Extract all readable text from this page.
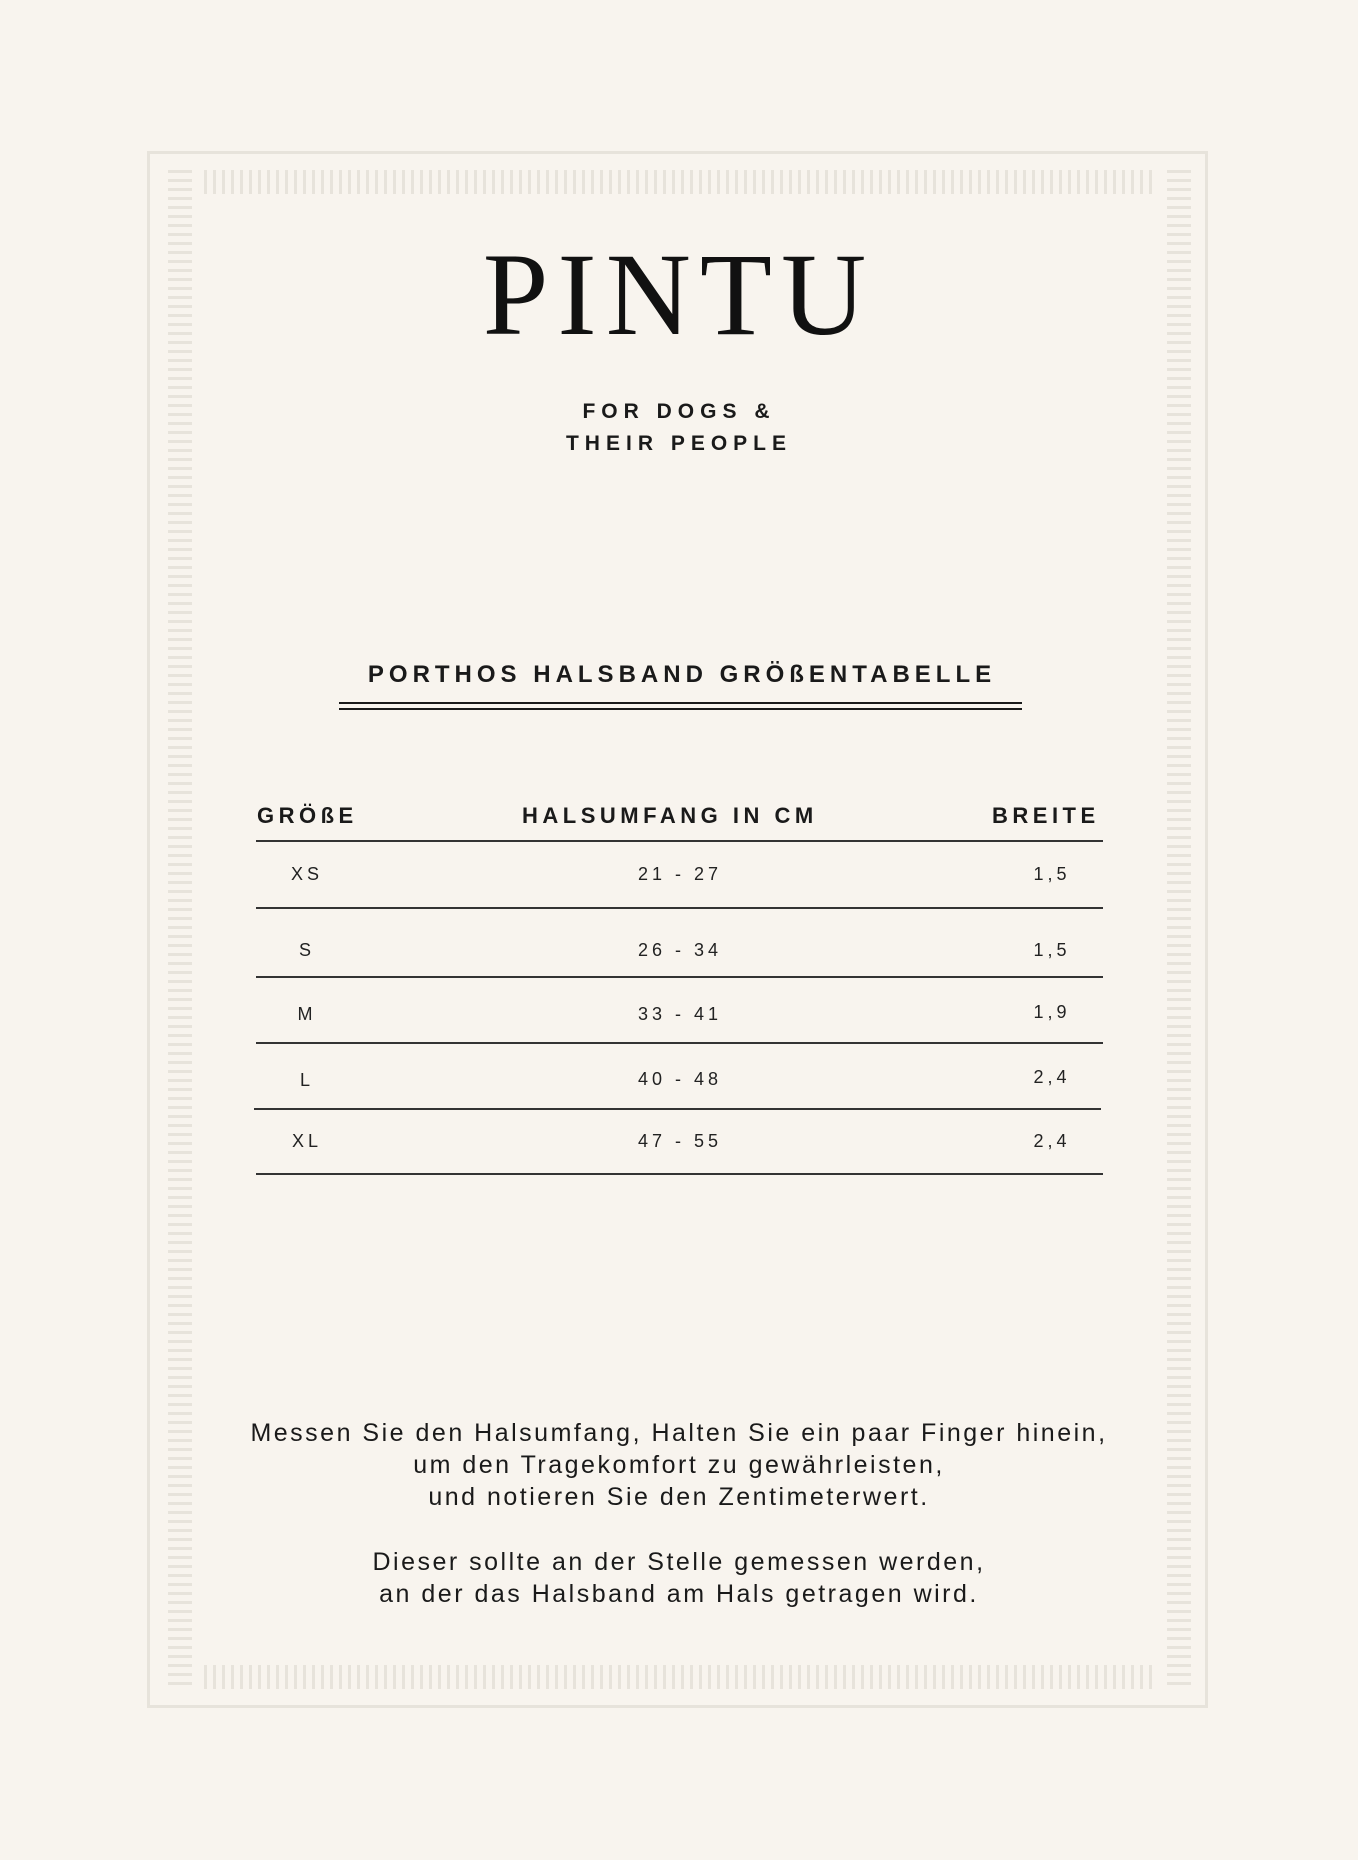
PINTU
FOR DOGS &
THEIR PEOPLE
PORTHOS HALSBAND GRÖßENTABELLE
GRÖßE	HALSUMFANG IN CM	BREITE
XS	21 - 27	1,5
S	26 - 34	1,5
M	33 - 41	1,9
L	40 - 48	2,4
XL	47 - 55	2,4
Messen Sie den Halsumfang, Halten Sie ein paar Finger hinein,
um den Tragekomfort zu gewährleisten,
und notieren Sie den Zentimeterwert.
Dieser sollte an der Stelle gemessen werden,
an der das Halsband am Hals getragen wird.
